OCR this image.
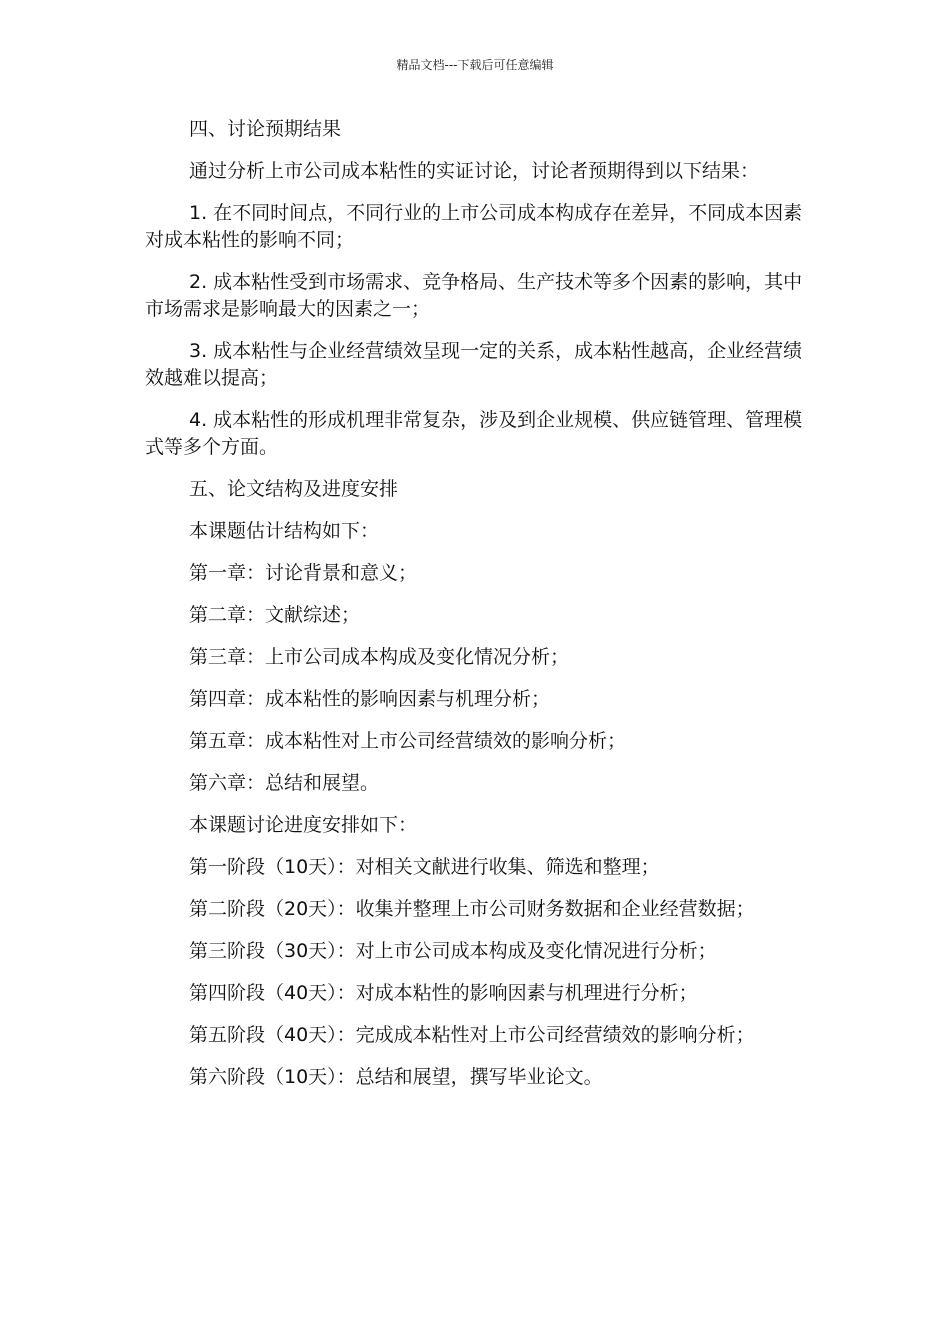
精品文档---下载后可任意编辑

四、讨论预期结果

通过分析上市公司成本粘性的实证讨论，讨论者预期得到以下结果：

1. 在不同时间点，不同行业的上市公司成本构成存在差异，不同成本因素对成本粘性的影响不同；

2. 成本粘性受到市场需求、竞争格局、生产技术等多个因素的影响，其中市场需求是影响最大的因素之一；

3. 成本粘性与企业经营绩效呈现一定的关系，成本粘性越高，企业经营绩效越难以提高；

4. 成本粘性的形成机理非常复杂，涉及到企业规模、供应链管理、管理模式等多个方面。

五、论文结构及进度安排

本课题估计结构如下：

第一章：讨论背景和意义；

第二章：文献综述；

第三章：上市公司成本构成及变化情况分析；

第四章：成本粘性的影响因素与机理分析；

第五章：成本粘性对上市公司经营绩效的影响分析；

第六章：总结和展望。

本课题讨论进度安排如下：

第一阶段（10天）：对相关文献进行收集、筛选和整理；

第二阶段（20天）：收集并整理上市公司财务数据和企业经营数据；

第三阶段（30天）：对上市公司成本构成及变化情况进行分析；

第四阶段（40天）：对成本粘性的影响因素与机理进行分析；

第五阶段（40天）：完成成本粘性对上市公司经营绩效的影响分析；

第六阶段（10天）：总结和展望，撰写毕业论文。
